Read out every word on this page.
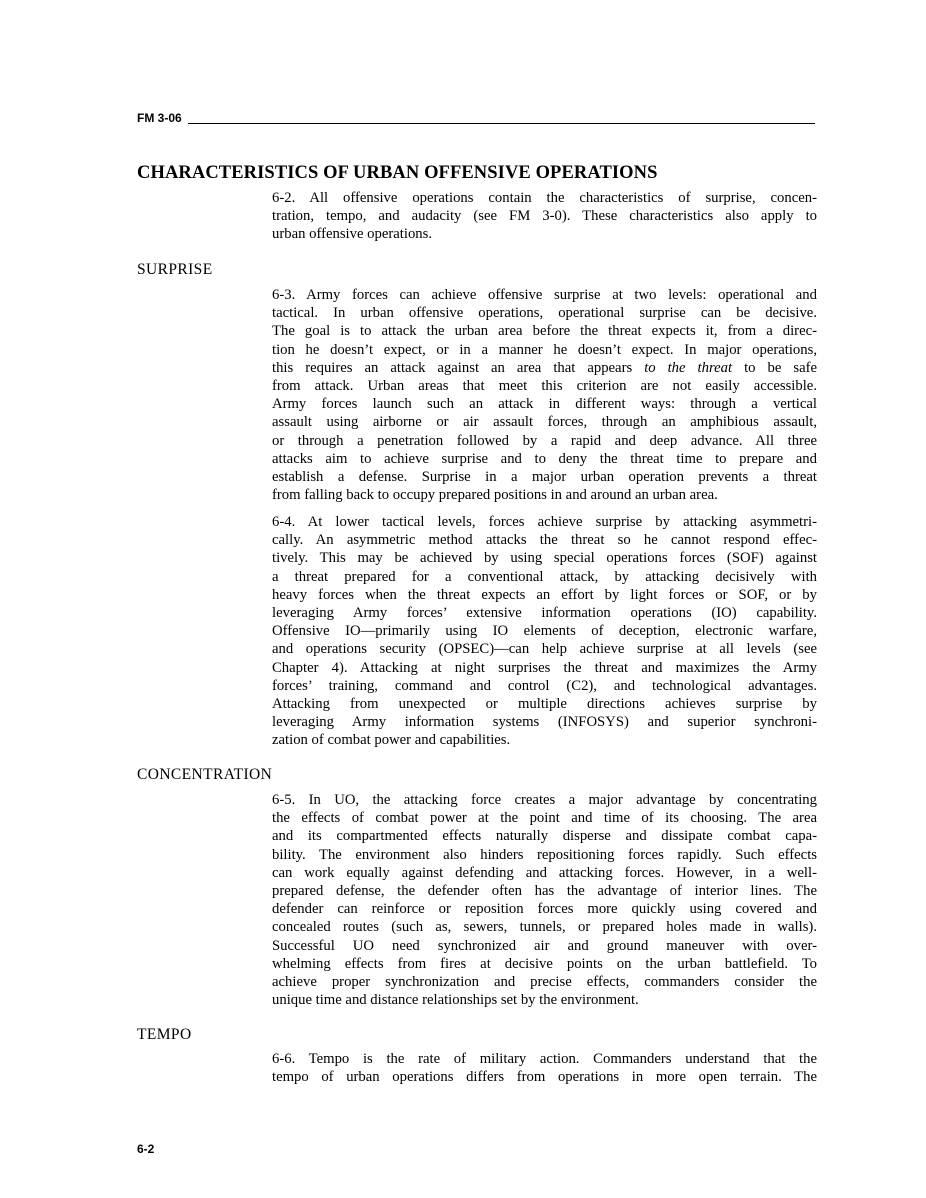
FM 3-06
CHARACTERISTICS OF URBAN OFFENSIVE OPERATIONS
6-2. All offensive operations contain the characteristics of surprise, concen-
tration, tempo, and audacity (see FM 3-0). These characteristics also apply to
urban offensive operations.
SURPRISE
6-3. Army forces can achieve offensive surprise at two levels: operational and
tactical. In urban offensive operations, operational surprise can be decisive.
The goal is to attack the urban area before the threat expects it, from a direc-
tion he doesn’t expect, or in a manner he doesn’t expect. In major operations,
this requires an attack against an area that appears to the threat to be safe
from attack. Urban areas that meet this criterion are not easily accessible.
Army forces launch such an attack in different ways: through a vertical
assault using airborne or air assault forces, through an amphibious assault,
or through a penetration followed by a rapid and deep advance. All three
attacks aim to achieve surprise and to deny the threat time to prepare and
establish a defense. Surprise in a major urban operation prevents a threat
from falling back to occupy prepared positions in and around an urban area.
6-4. At lower tactical levels, forces achieve surprise by attacking asymmetri-
cally. An asymmetric method attacks the threat so he cannot respond effec-
tively. This may be achieved by using special operations forces (SOF) against
a threat prepared for a conventional attack, by attacking decisively with
heavy forces when the threat expects an effort by light forces or SOF, or by
leveraging Army forces’ extensive information operations (IO) capability.
Offensive IO—primarily using IO elements of deception, electronic warfare,
and operations security (OPSEC)—can help achieve surprise at all levels (see
Chapter 4). Attacking at night surprises the threat and maximizes the Army
forces’ training, command and control (C2), and technological advantages.
Attacking from unexpected or multiple directions achieves surprise by
leveraging Army information systems (INFOSYS) and superior synchroni-
zation of combat power and capabilities.
CONCENTRATION
6-5. In UO, the attacking force creates a major advantage by concentrating
the effects of combat power at the point and time of its choosing. The area
and its compartmented effects naturally disperse and dissipate combat capa-
bility. The environment also hinders repositioning forces rapidly. Such effects
can work equally against defending and attacking forces. However, in a well-
prepared defense, the defender often has the advantage of interior lines. The
defender can reinforce or reposition forces more quickly using covered and
concealed routes (such as, sewers, tunnels, or prepared holes made in walls).
Successful UO need synchronized air and ground maneuver with over-
whelming effects from fires at decisive points on the urban battlefield. To
achieve proper synchronization and precise effects, commanders consider the
unique time and distance relationships set by the environment.
TEMPO
6-6. Tempo is the rate of military action. Commanders understand that the
tempo of urban operations differs from operations in more open terrain. The
6-2
